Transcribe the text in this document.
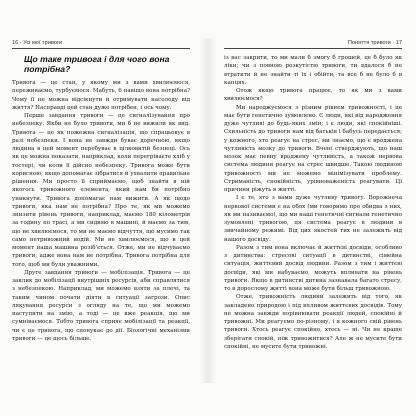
16 · Усі мої тривоги
Що таке тривога і для чого вона потрібна?

Тривога — це стан, у якому ми з вами хвилюємося, переживаємо, турбуємося. Мабуть, 6 навіщо вона потрібна? Чому її не можна відсікнути й отримувати насолоду від життя? Насправді цей стан дуже потрібен, і ось чому.

Перше завдання тривоги — це сигналізування про небезпеку. Якби не було тривоги, ми б не вижили як вид. Тривога — це як пожежна сигналізація, що спрацьовує в разі небезпеки. І вона не завжди буває доречною, якщо людина в цей момент перебуває в цілковитій безпеці. Ось як це можна показати, наприклад, коли перегріваєте хліб у тостері, чи коли її дійсно небезпеку. Тривога може бути корисною, якщо допомагає зібратися й ухвалити правильне рішення. Ми просто її сприймаємо, щоб знайти в ній якогось тривожного елемента, який нам би потрібно уникнути. Тривога допомагає нам вижити. А як щодо тривоги, яка нам не потрібна? Про те, як ми можемо знизити рівень тривоги, наприклад, маємо 180 кілометрів за годину по трасі, а ми сидимо в машині, й маємо за тим, що не хвилюємося, то ми не маємо відчуття, що мусимо так само нетривожний водій. Ми не хвилюємося, що в цей момент наша машина розіб'ється. Отже, ми не відчуваємо тривоги, адже вона нам не потрібна. Тривога потрібна для того, щоб ми були уважними.

Друге завдання тривоги — мобілізація. Тривога — це заклик до мобілізації внутрішніх ресурсів, аби справлятися з небезпекою. Наприклад, ми можемо взяти за плечі, та таким чином почати діяти в ситуації загрози. Опис лякування ресурси з огляду на те, що ми можемо наступити на змію, а тоді — це вже реакція, що ми сумніваємося. Тобто тривога сприяє мобілізації та реакції, чи є це тривога, що спонукає до дії. Біологічні механізми тривоги — це щось більше.

Поняття тривоги · 17

із вас закрити, то ми мали б змогу б грошей, це б було як ліки; чи з повною розкутістю тривоги, ти вдалося б не втратити й не знайти ті їх і обійти, та все б не було б в капцях.

Отож якщо тривога працює, то як ми з вами хвилюємося?

Ми народжуємося з різним рівнем тривожності, і це має бути генетично зумовлено. Є люди, які від народження дуже чутливі до будь-яких змін; і є люди, які спокійніші. Схильність до тривоги нам від батьків і бабусь передається; у кожного, хто реагує на стрес, ми знаємо, що є вроджена чутливість мозку до тривоги. Вчені стверджують, що наш мозок має певну вроджену чутливість, а також нервова система людини реагує на стрес швидше. Такою людиною тривожності ми не можемо мінімізувати проблему. Стриманість, спокійність, урівноваженість реагувати. Ці причини ріжуть в житті.

І є те, хто з вами дуже чутливу тривогу. Ворожнеча нервової системи є на обох (ми говоримо про обидва з них, як ми називаємо), що ми наші генетичні сигнали генетично зумовлені тривогою, ця система реагує в людини в звичайному режимі. Від цих якостей тих не залежить від нашого досвіду.

Разом з тим вона включає й життєві досвіди, особливо з дитинства: стресові ситуації в дитинстві, сімейна ситуація, життєвий досвід людини. Разом з тим і життєві досвіди, які ми набуваємо, можуть впливати на рівень тривоги. Якщо в дитинстві дитина зазнавала багато стресу, то в дорослому житті вона може бути більш тривожною.

Отже, тривожність людини залежить від того, як закладено природою і під впливом життєвих досвідів. Тому не можна завжди порівнювати реакції людей, спокійні й тривожні. Ми реагуємо по-різному, і в кожного свій рівень тривоги. Хтось реагує спокійно, хтось — ні. Чи не краще зберігати спокій, ніж тривожитися? Але ж не мусите бути спокійні, не мусите бути тривожні.
